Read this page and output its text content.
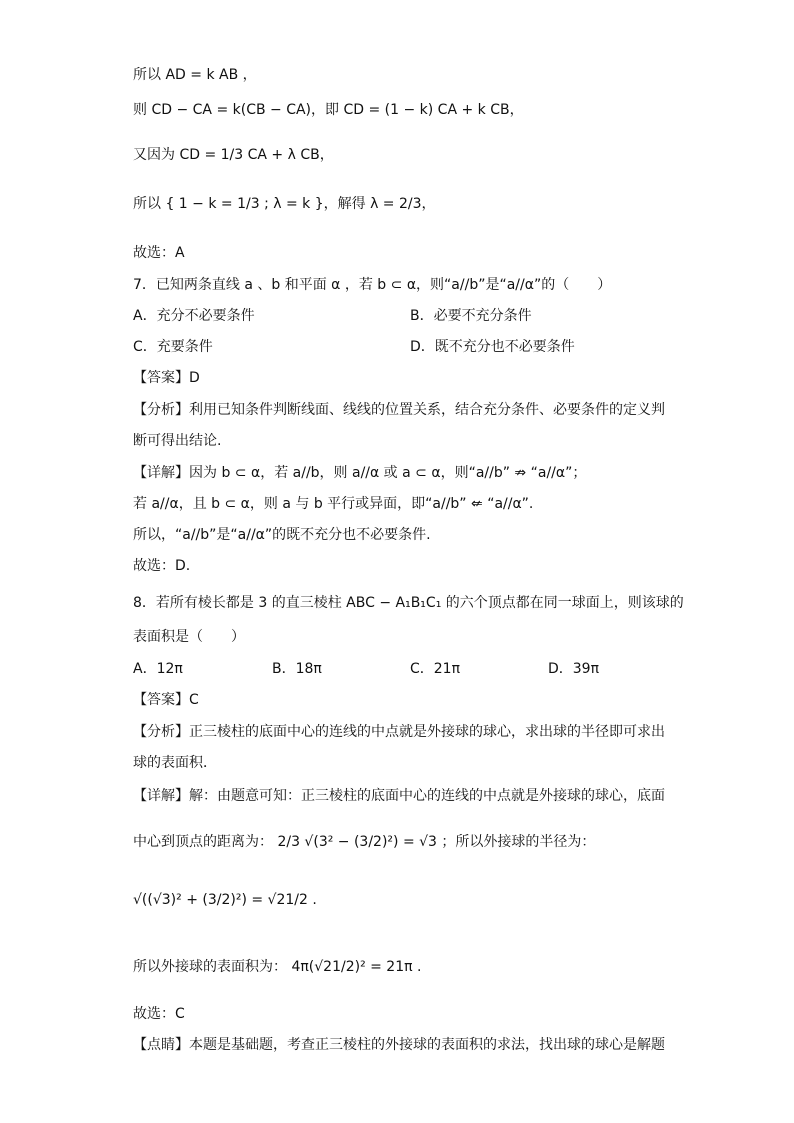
所以 AD = k AB ，
则 CD − CA = k(CB − CA)，即 CD = (1 − k) CA + k CB，
又因为 CD = 1/3 CA + λ CB，
所以 { 1 − k = 1/3 ; λ = k }，解得 λ = 2/3，
故选：A
7．已知两条直线 a 、b 和平面 α ，若 b ⊂ α，则“a//b”是“a//α”的（　　）
A．充分不必要条件	B．必要不充分条件
C．充要条件	D．既不充分也不必要条件
【答案】D
【分析】利用已知条件判断线面、线线的位置关系，结合充分条件、必要条件的定义判
断可得出结论.
【详解】因为 b ⊂ α，若 a//b，则 a//α 或 a ⊂ α，则“a//b” ⇏ “a//α”；
若 a//α，且 b ⊂ α，则 a 与 b 平行或异面，即“a//b” ⇍ “a//α”.
所以，“a//b”是“a//α”的既不充分也不必要条件.
故选：D.
8．若所有棱长都是 3 的直三棱柱 ABC − A₁B₁C₁ 的六个顶点都在同一球面上，则该球的
表面积是（　　）
A．12π	B．18π	C．21π	D．39π
【答案】C
【分析】正三棱柱的底面中心的连线的中点就是外接球的球心，求出球的半径即可求出
球的表面积．
【详解】解：由题意可知：正三棱柱的底面中心的连线的中点就是外接球的球心，底面
中心到顶点的距离为： 2/3 √(3² − (3/2)²) = √3 ；所以外接球的半径为：
√((√3)² + (3/2)²) = √21/2 .
所以外接球的表面积为： 4π(√21/2)² = 21π .
故选：C
【点睛】本题是基础题，考查正三棱柱的外接球的表面积的求法，找出球的球心是解题
